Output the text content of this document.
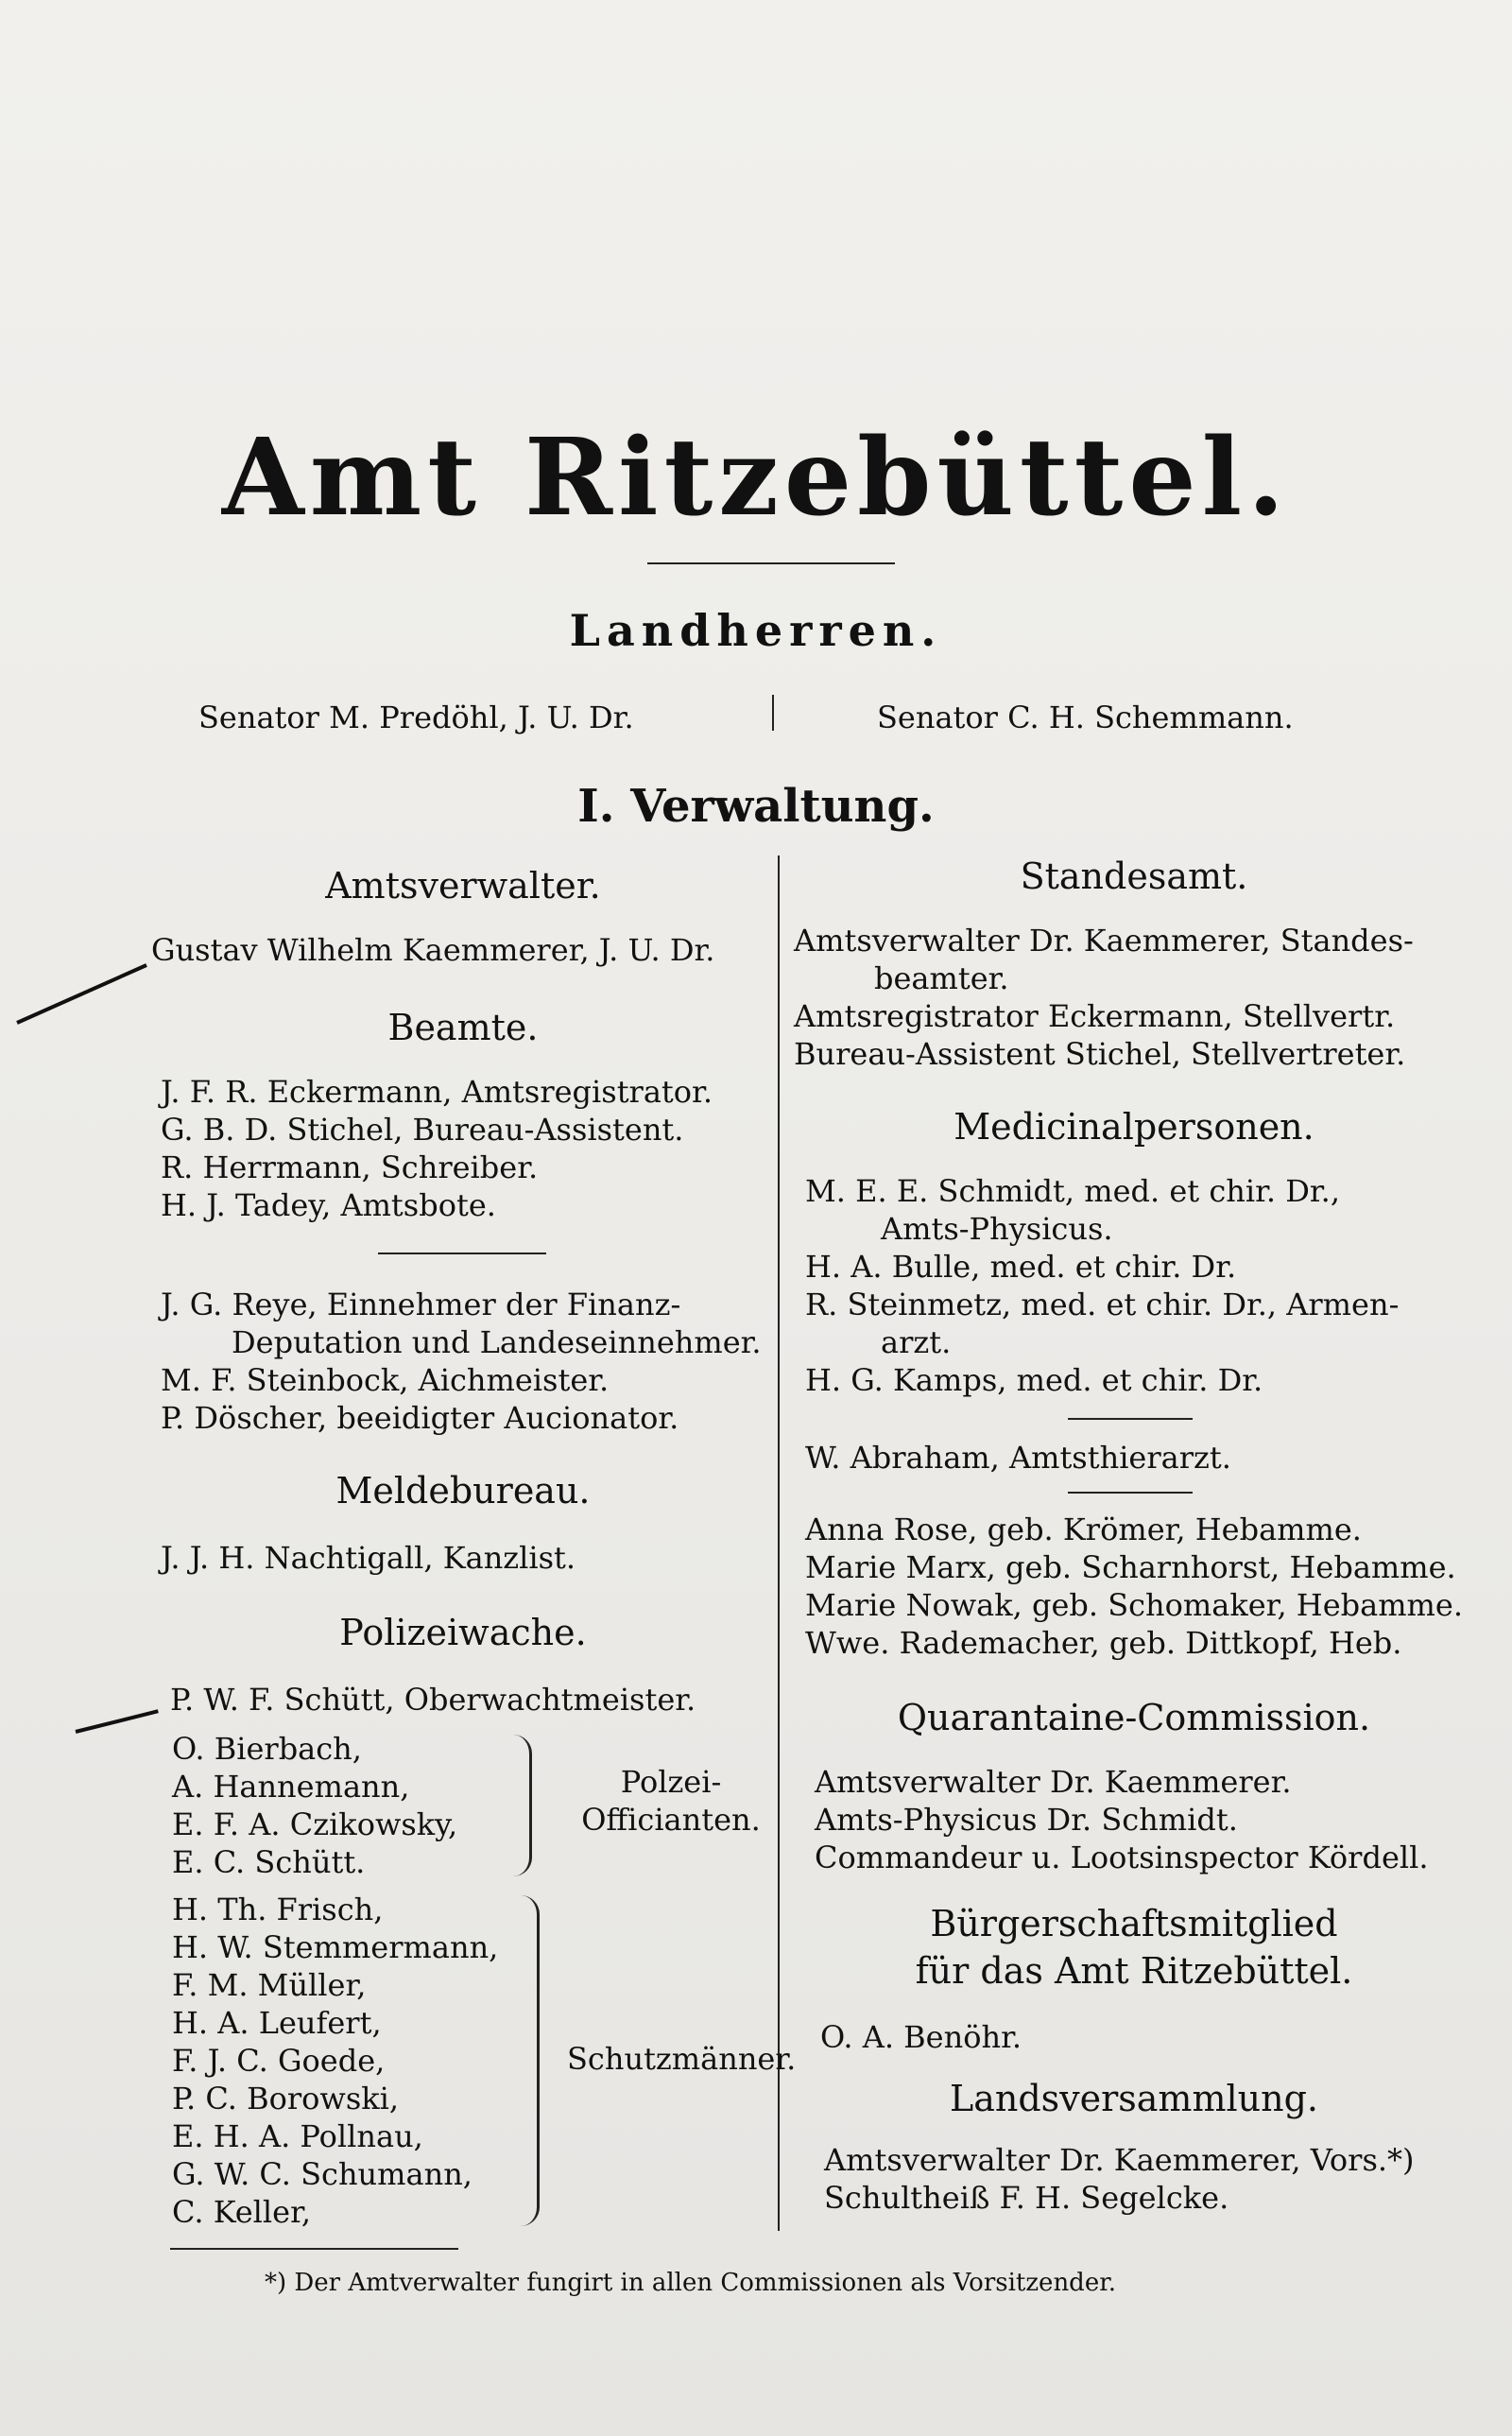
Amt Ritzebüttel.
Landherren.
Senator M. Predöhl, J. U. Dr.	Senator C. H. Schemmann.
I. Verwaltung.
Amtsverwalter.
Gustav Wilhelm Kaemmerer, J. U. Dr.
Beamte.
J. F. R. Eckermann, Amtsregistrator.
G. B. D. Stichel, Bureau-Assistent.
R. Herrmann, Schreiber.
H. J. Tadey, Amtsbote.
J. G. Reye, Einnehmer der Finanz-
Deputation und Landeseinnehmer.
M. F. Steinbock, Aichmeister.
P. Döscher, beeidigter Aucionator.
Meldebureau.
J. J. H. Nachtigall, Kanzlist.
Polizeiwache.
P. W. F. Schütt, Oberwachtmeister.
O. Bierbach,
A. Hannemann,
E. F. A. Czikowsky,
E. C. Schütt.
Polzei-
Officianten.
H. Th. Frisch,
H. W. Stemmermann,
F. M. Müller,
H. A. Leufert,
F. J. C. Goede,
P. C. Borowski,
E. H. A. Pollnau,
G. W. C. Schumann,
C. Keller,
Schutzmänner.
Standesamt.
Amtsverwalter Dr. Kaemmerer, Standes-
beamter.
Amtsregistrator Eckermann, Stellvertr.
Bureau-Assistent Stichel, Stellvertreter.
Medicinalpersonen.
M. E. E. Schmidt, med. et chir. Dr.,
Amts-Physicus.
H. A. Bulle, med. et chir. Dr.
R. Steinmetz, med. et chir. Dr., Armen-
arzt.
H. G. Kamps, med. et chir. Dr.
W. Abraham, Amtsthierarzt.
Anna Rose, geb. Krömer, Hebamme.
Marie Marx, geb. Scharnhorst, Hebamme.
Marie Nowak, geb. Schomaker, Hebamme.
Wwe. Rademacher, geb. Dittkopf, Heb.
Quarantaine-Commission.
Amtsverwalter Dr. Kaemmerer.
Amts-Physicus Dr. Schmidt.
Commandeur u. Lootsinspector Kördell.
Bürgerschaftsmitglied
für das Amt Ritzebüttel.
O. A. Benöhr.
Landsversammlung.
Amtsverwalter Dr. Kaemmerer, Vors.*)
Schultheiß F. H. Segelcke.
*) Der Amtverwalter fungirt in allen Commissionen als Vorsitzender.
